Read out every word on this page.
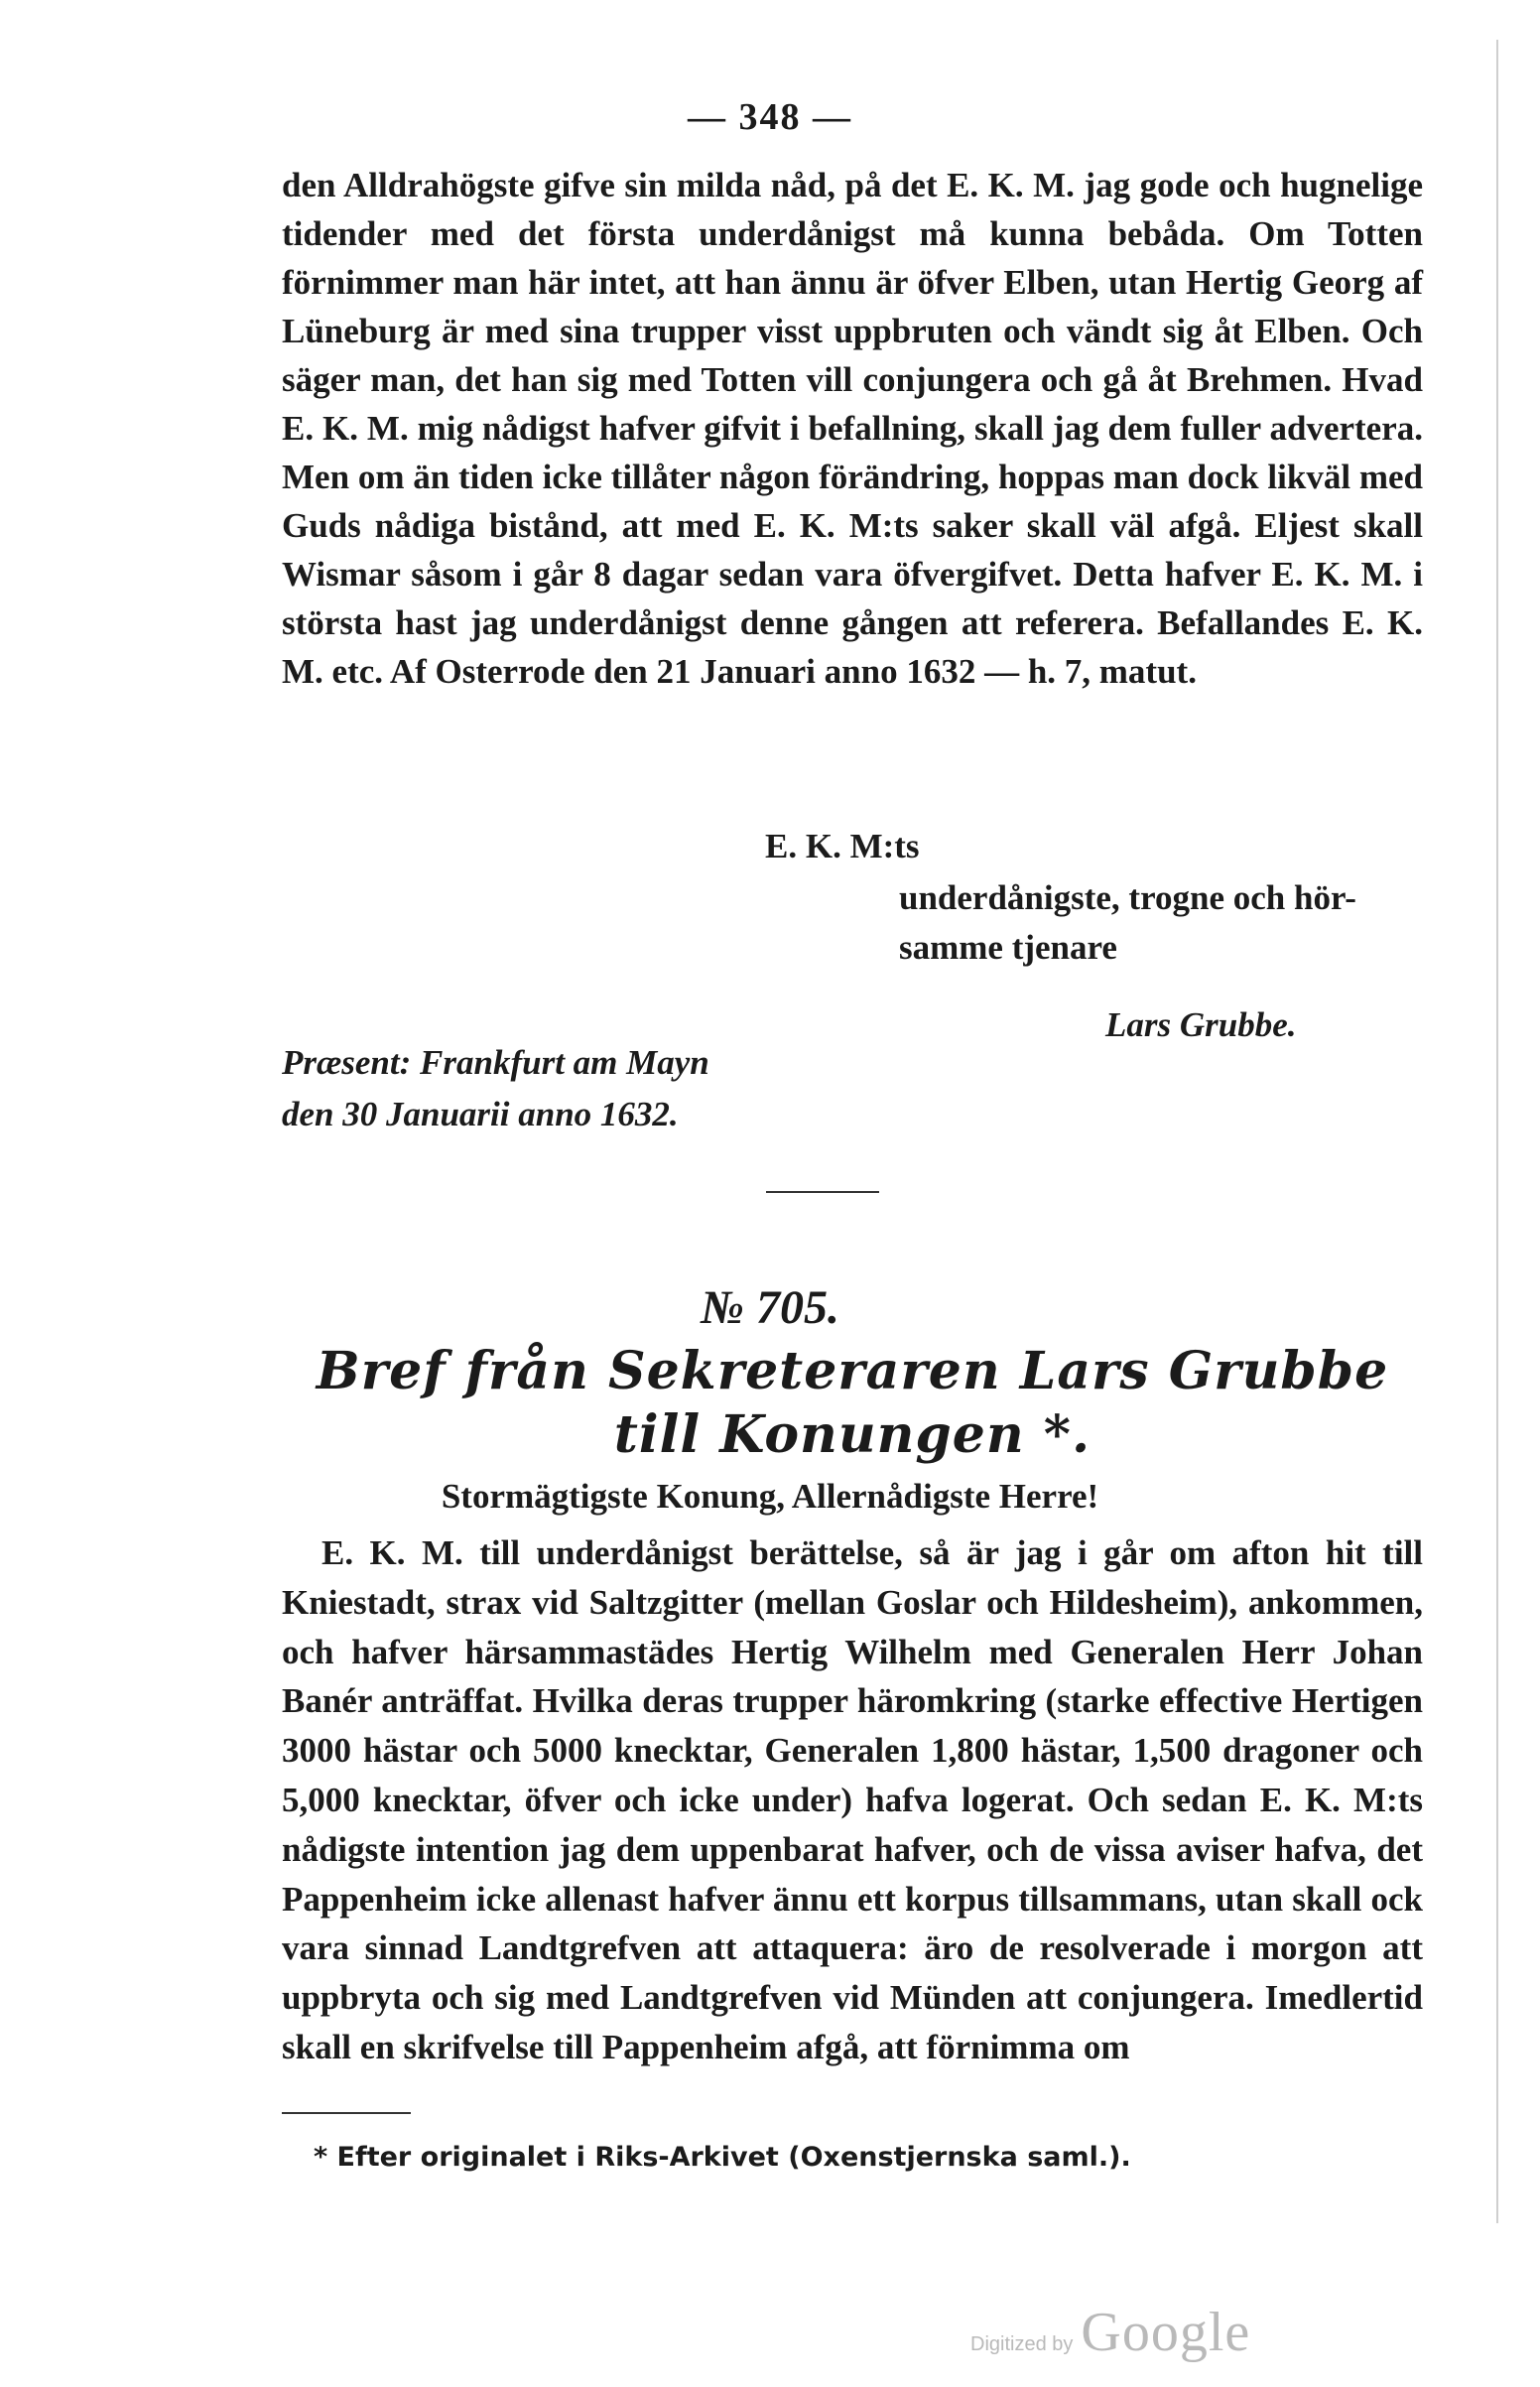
— 348 —

den Alldrahögste gifve sin milda nåd, på det E. K. M. jag gode och hugnelige tidender med det första underdånigst må kunna bebåda. Om Totten förnimmer man här intet, att han ännu är öfver Elben, utan Hertig Georg af Lüneburg är med sina trupper visst uppbruten och vändt sig åt Elben. Och säger man, det han sig med Totten vill conjungera och gå åt Brehmen. Hvad E. K. M. mig nådigst hafver gifvit i befallning, skall jag dem fuller advertera. Men om än tiden icke tillåter någon förändring, hoppas man dock likväl med Guds nådiga bistånd, att med E. K. M:ts saker skall väl afgå. Eljest skall Wismar såsom i går 8 dagar sedan vara öfvergifvet. Detta hafver E. K. M. i största hast jag underdånigst denne gången att referera. Befallandes E. K. M. etc. Af Osterrode den 21 Januari anno 1632 — h. 7, matut.

E. K. M:ts
underdånigste, trogne och hör-
samme tjenare
Lars Grubbe.
Præsent: Frankfurt am Mayn
den 30 Januarii anno 1632.
№ 705.
Bref från Sekreteraren Lars Grubbe
till Konungen *.
Stormägtigste Konung, Allernådigste Herre!

E. K. M. till underdånigst berättelse, så är jag i går om afton hit till Kniestadt, strax vid Saltzgitter (mellan Goslar och Hildesheim), ankommen, och hafver härsammastädes Hertig Wilhelm med Generalen Herr Johan Banér anträffat. Hvilka deras trupper häromkring (starke effective Hertigen 3000 hästar och 5000 knecktar, Generalen 1,800 hästar, 1,500 dragoner och 5,000 knecktar, öfver och icke under) hafva logerat. Och sedan E. K. M:ts nådigste intention jag dem uppenbarat hafver, och de vissa aviser hafva, det Pappenheim icke allenast hafver ännu ett korpus tillsammans, utan skall ock vara sinnad Landtgrefven att attaquera: äro de resolverade i morgon att uppbryta och sig med Landtgrefven vid Münden att conjungera. Imedlertid skall en skrifvelse till Pappenheim afgå, att förnimma om

* Efter originalet i Riks-Arkivet (Oxenstjernska saml.).
Digitized by Google
